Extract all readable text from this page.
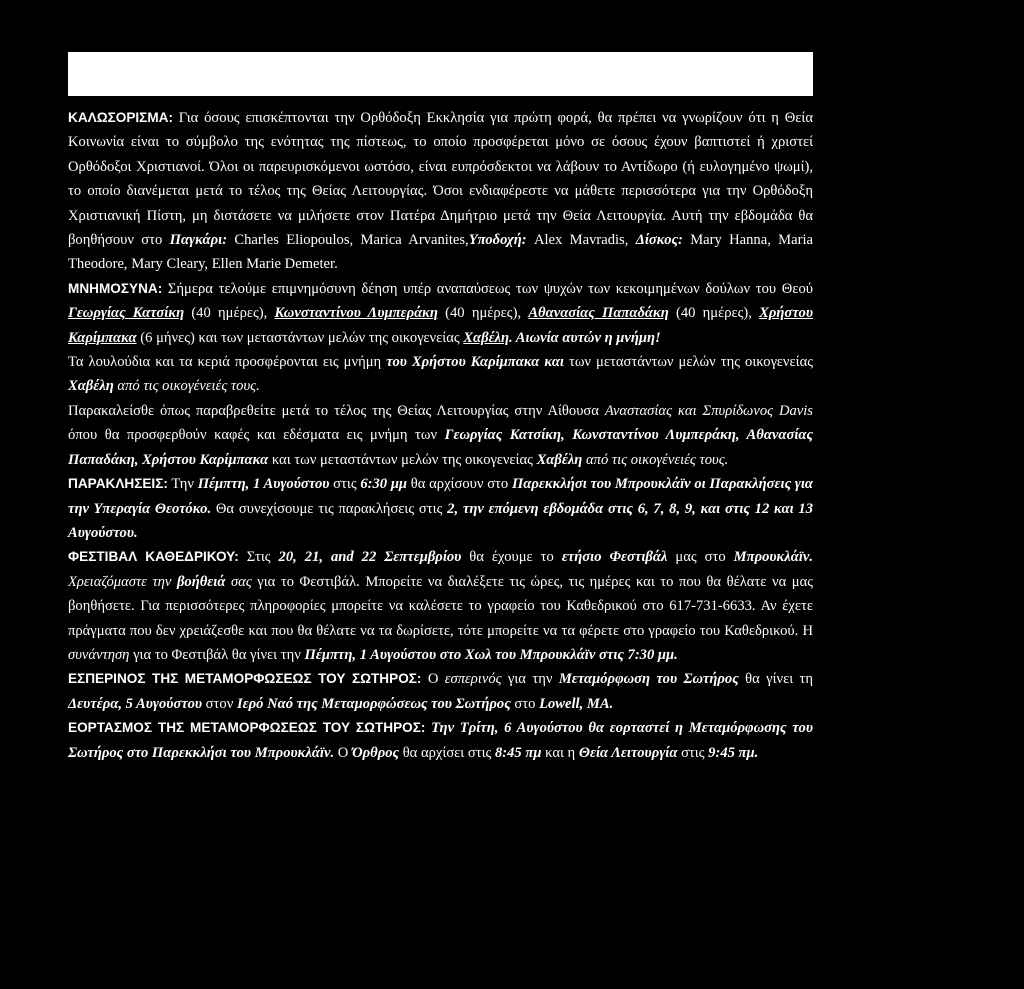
ΚΑΛΩΣΟΡΙΣΜΑ: Για όσους επισκέπτονται την Ορθόδοξη Εκκλησία για πρώτη φορά, θα πρέπει να γνωρίζουν ότι η Θεία Κοινωνία είναι το σύμβολο της ενότητας της πίστεως, το οποίο προσφέρεται μόνο σε όσους έχουν βαπτιστεί ή χριστεί Ορθόδοξοι Χριστιανοί. Όλοι οι παρευρισκόμενοι ωστόσο, είναι ευπρόσδεκτοι να λάβουν το Αντίδωρο (ή ευλογημένο ψωμί), το οποίο διανέμεται μετά το τέλος της Θείας Λειτουργίας. Όσοι ενδιαφέρεστε να μάθετε περισσότερα για την Ορθόδοξη Χριστιανική Πίστη, μη διστάσετε να μιλήσετε στον Πατέρα Δημήτριο μετά την Θεία Λειτουργία. Αυτή την εβδομάδα θα βοηθήσουν στο Παγκάρι: Charles Eliopoulos, Marica Arvanites,Υποδοχή: Alex Mavradis, Δίσκος: Mary Hanna, Maria Theodore, Mary Cleary, Ellen Marie Demeter.

ΜΝΗΜΟΣΥΝΑ: Σήμερα τελούμε επιμνημόσυνη δέηση υπέρ αναπαύσεως των ψυχών των κεκοιμημένων δούλων του Θεού Γεωργίας Κατσίκη (40 ημέρες), Κωνσταντίνου Λυμπεράκη (40 ημέρες), Αθανασίας Παπαδάκη (40 ημέρες), Χρήστου Καρίμπακα (6 μήνες) και των μεταστάντων μελών της οικογενείας Χαβέλη. Αιωνία αυτών η μνήμη!

Τα λουλούδια και τα κεριά προσφέρονται εις μνήμη του Χρήστου Καρίμπακα και των μεταστάντων μελών της οικογενείας Χαβέλη από τις οικογένειές τους.

Παρακαλείσθε όπως παραβρεθείτε μετά το τέλος της Θείας Λειτουργίας στην Αίθουσα Αναστασίας και Σπυρίδωνος Davis όπου θα προσφερθούν καφές και εδέσματα εις μνήμη των Γεωργίας Κατσίκη, Κωνσταντίνου Λυμπεράκη, Αθανασίας Παπαδάκη, Χρήστου Καρίμπακα και των μεταστάντων μελών της οικογενείας Χαβέλη από τις οικογένειές τους.

ΠΑΡΑΚΛΗΣΕΙΣ: Την Πέμπτη, 1 Αυγούστου στις 6:30 μμ θα αρχίσουν στο Παρεκκλήσι του Μπρουκλάϊν οι Παρακλήσεις για την Υπεραγία Θεοτόκο. Θα συνεχίσουμε τις παρακλήσεις στις 2, την επόμενη εβδομάδα στις 6, 7, 8, 9, και στις 12 και 13 Αυγούστου.

ΦΕΣΤΙΒΑΛ ΚΑΘΕΔΡΙΚΟΥ: Στις 20, 21, and 22 Σεπτεμβρίου θα έχουμε το ετήσιο Φεστιβάλ μας στο Μπρουκλάϊν. Χρειαζόμαστε την βοήθειά σας για το Φεστιβάλ. Μπορείτε να διαλέξετε τις ώρες, τις ημέρες και το που θα θέλατε να μας βοηθήσετε. Για περισσότερες πληροφορίες μπορείτε να καλέσετε το γραφείο του Καθεδρικού στο 617-731-6633. Αν έχετε πράγματα που δεν χρειάζεσθε και που θα θέλατε να τα δωρίσετε, τότε μπορείτε να τα φέρετε στο γραφείο του Καθεδρικού. Η συνάντηση για το Φεστιβάλ θα γίνει την Πέμπτη, 1 Αυγούστου στο Χωλ του Μπρουκλάϊν στις 7:30 μμ.

ΕΣΠΕΡΙΝΟΣ ΤΗΣ ΜΕΤΑΜΟΡΦΩΣΕΩΣ ΤΟΥ ΣΩΤΗΡΟΣ: Ο εσπερινός για την Μεταμόρφωση του Σωτήρος θα γίνει τη Δευτέρα, 5 Αυγούστου στον Ιερό Ναό της Μεταμορφώσεως του Σωτήρος στο Lowell, MA.

ΕΟΡΤΑΣΜΟΣ ΤΗΣ ΜΕΤΑΜΟΡΦΩΣΕΩΣ ΤΟΥ ΣΩΤΗΡΟΣ: Την Τρίτη, 6 Αυγούστου θα εορταστεί η Μεταμόρφωσης του Σωτήρος στο Παρεκκλήσι του Μπρουκλάϊν. Ο Όρθρος θα αρχίσει στις 8:45 πμ και η Θεία Λειτουργία στις 9:45 πμ.
